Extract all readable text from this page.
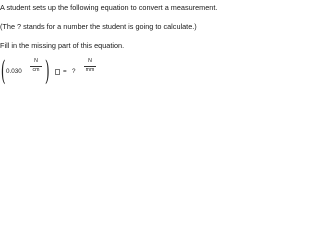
A student sets up the following equation to convert a measurement.
(The ? stands for a number the student is going to calculate.)
Fill in the missing part of this equation.
( 0.030
N
cm ) = ?
N
mm
